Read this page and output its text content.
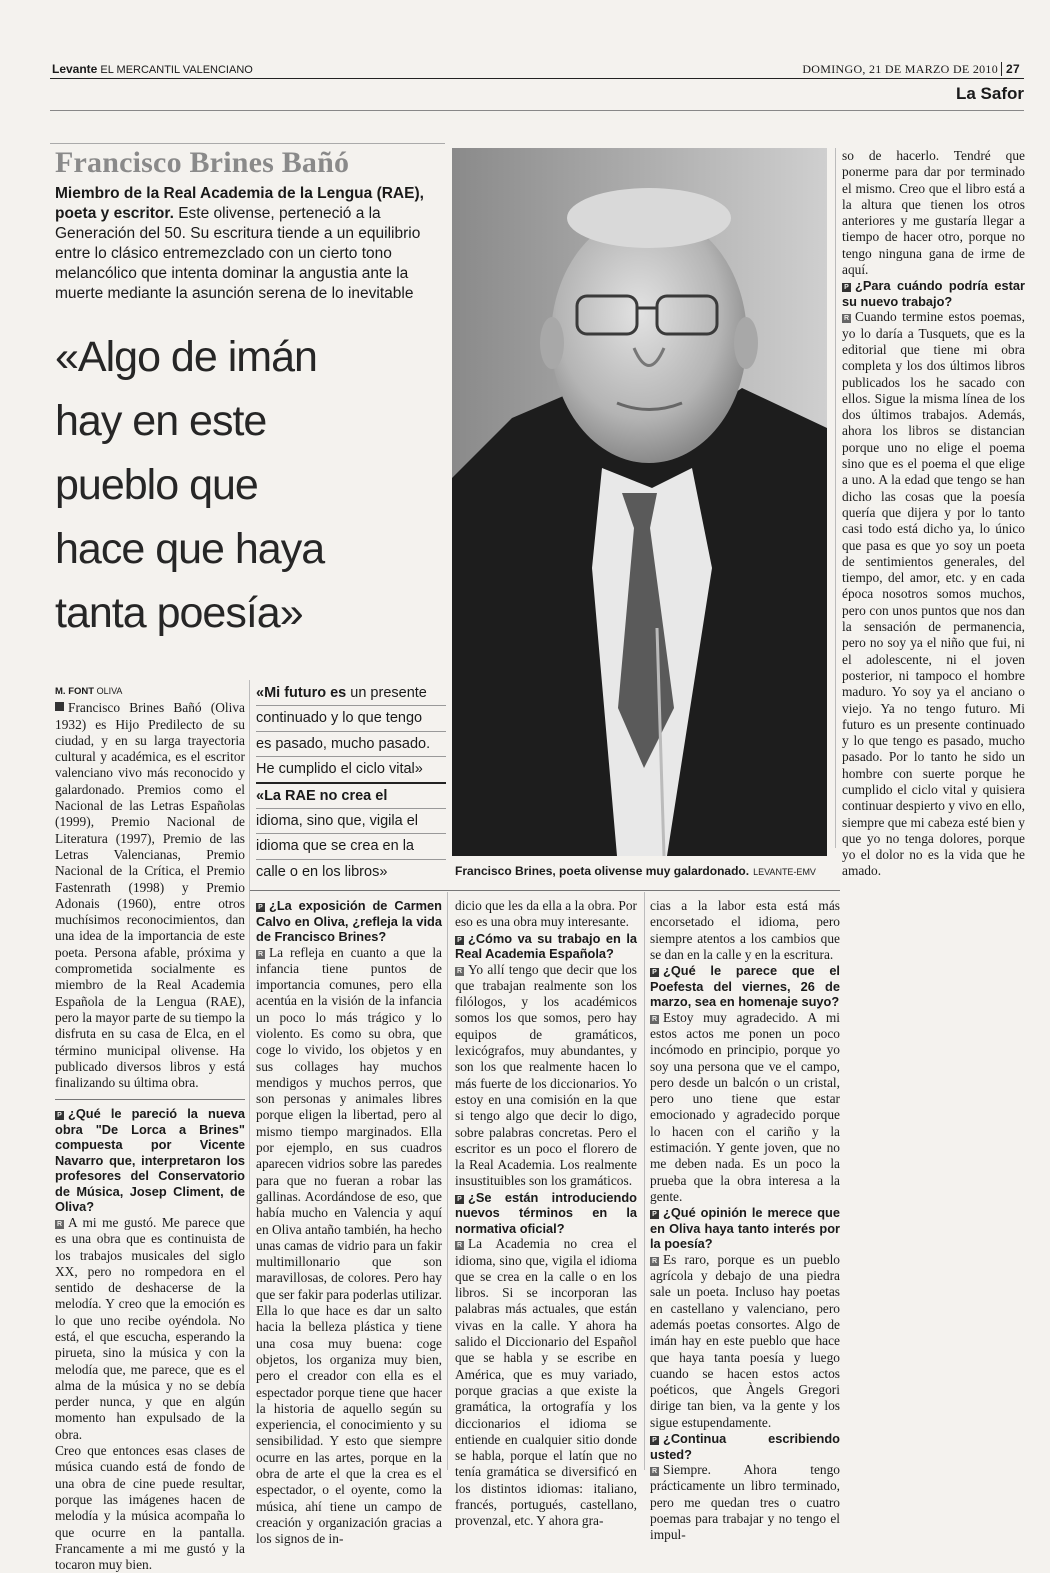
Levante EL MERCANTIL VALENCIANO	DOMINGO, 21 DE MARZO DE 2010 27
La Safor
Francisco Brines Bañó
Miembro de la Real Academia de la Lengua (RAE), poeta y escritor. Este olivense, perteneció a la Generación del 50. Su escritura tiende a un equilibrio entre lo clásico entremezclado con un cierto tono melancólico que intenta dominar la angustia ante la muerte mediante la asunción serena de lo inevitable
«Algo de imán
hay en este
pueblo que
hace que haya
tanta poesía»
Francisco Brines, poeta olivense muy galardonado. LEVANTE-EMV
M. FONT OLIVA

Francisco Brines Bañó (Oliva 1932) es Hijo Predilecto de su ciudad, y en su larga trayectoria cultural y académica, es el escritor valenciano vivo más reconocido y galardonado. Premios como el Nacional de las Letras Españolas (1999), Premio Nacional de Literatura (1997), Premio de las Letras Valencianas, Premio Nacional de la Crítica, el Premio Fastenrath (1998) y Premio Adonais (1960), entre otros muchísimos reconocimientos, dan una idea de la importancia de este poeta. Persona afable, próxima y comprometida socialmente es miembro de la Real Academia Española de la Lengua (RAE), pero la mayor parte de su tiempo la disfruta en su casa de Elca, en el término municipal olivense. Ha publicado diversos libros y está finalizando su última obra.

P ¿Qué le pareció la nueva obra "De Lorca a Brines" compuesta por Vicente Navarro que, interpretaron los profesores del Conservatorio de Música, Josep Climent, de Oliva?

R A mi me gustó. Me parece que es una obra que es continuista de los trabajos musicales del siglo XX, pero no rompedora en el sentido de deshacerse de la melodía. Y creo que la emoción es lo que uno recibe oyéndola. No está, el que escucha, esperando la pirueta, sino la música y con la melodía que, me parece, que es el alma de la música y no se debía perder nunca, y que en algún momento han expulsado de la obra.

Creo que entonces esas clases de música cuando está de fondo de una obra de cine puede resultar, porque las imágenes hacen de melodía y la música acompaña lo que ocurre en la pantalla. Francamente a mi me gustó y la tocaron muy bien.

«Mi futuro es un presente
continuado y lo que tengo
es pasado, mucho pasado.
He cumplido el ciclo vital»
«La RAE no crea el
idioma, sino que, vigila el
idioma que se crea en la
calle o en los libros»

P ¿La exposición de Carmen Calvo en Oliva, ¿refleja la vida de Francisco Brines?

R La refleja en cuanto a que la infancia tiene puntos de importancia comunes, pero ella acentúa en la visión de la infancia un poco lo más trágico y lo violento. Es como su obra, que coge lo vivido, los objetos y en sus collages hay muchos mendigos y muchos perros, que son personas y animales libres porque eligen la libertad, pero al mismo tiempo marginados. Ella por ejemplo, en sus cuadros aparecen vidrios sobre las paredes para que no fueran a robar las gallinas. Acordándose de eso, que había mucho en Valencia y aquí en Oliva antaño también, ha hecho unas camas de vidrio para un fakir multimillonario que son maravillosas, de colores. Pero hay que ser fakir para poderlas utilizar. Ella lo que hace es dar un salto hacia la belleza plástica y tiene una cosa muy buena: coge objetos, los organiza muy bien, pero el creador con ella es el espectador porque tiene que hacer la historia de aquello según su experiencia, el conocimiento y su sensibilidad. Y esto que siempre ocurre en las artes, porque en la obra de arte el que la crea es el espectador, o el oyente, como la música, ahí tiene un campo de creación y organización gracias a los signos de in-

dicio que les da ella a la obra. Por eso es una obra muy interesante.

P ¿Cómo va su trabajo en la Real Academia Española?

R Yo allí tengo que decir que los que trabajan realmente son los filólogos, y los académicos somos los que somos, pero hay equipos de gramáticos, lexicógrafos, muy abundantes, y son los que realmente hacen lo más fuerte de los diccionarios. Yo estoy en una comisión en la que si tengo algo que decir lo digo, sobre palabras concretas. Pero el escritor es un poco el florero de la Real Academia. Los realmente insustituibles son los gramáticos.

P ¿Se están introduciendo nuevos términos en la normativa oficial?

R La Academia no crea el idioma, sino que, vigila el idioma que se crea en la calle o en los libros. Si se incorporan las palabras más actuales, que están vivas en la calle. Y ahora ha salido el Diccionario del Español que se habla y se escribe en América, que es muy variado, porque gracias a que existe la gramática, la ortografía y los diccionarios el idioma se entiende en cualquier sitio donde se habla, porque el latín que no tenía gramática se diversificó en los distintos idiomas: italiano, francés, portugués, castellano, provenzal, etc. Y ahora gra-

so de hacerlo. Tendré que ponerme para dar por terminado el mismo. Creo que el libro está a la altura que tienen los otros anteriores y me gustaría llegar a tiempo de hacer otro, porque no tengo ninguna gana de irme de aquí.

P ¿Para cuándo podría estar su nuevo trabajo?

R Cuando termine estos poemas, yo lo daría a Tusquets, que es la editorial que tiene mi obra completa y los dos últimos libros publicados los he sacado con ellos. Sigue la misma línea de los dos últimos trabajos. Además, ahora los libros se distancian porque uno no elige el poema sino que es el poema el que elige a uno. A la edad que tengo se han dicho las cosas que la poesía quería que dijera y por lo tanto casi todo está dicho ya, lo único que pasa es que yo soy un poeta de sentimientos generales, del tiempo, del amor, etc. y en cada época nosotros somos muchos, pero con unos puntos que nos dan la sensación de permanencia, pero no soy ya el niño que fui, ni el adolescente, ni el joven posterior, ni tampoco el hombre maduro. Yo soy ya el anciano o viejo. Ya no tengo futuro. Mi futuro es un presente continuado y lo que tengo es pasado, mucho pasado. Por lo tanto he sido un hombre con suerte porque he cumplido el ciclo vital y quisiera continuar despierto y vivo en ello, siempre que mi cabeza esté bien y que yo no tenga dolores, porque yo el dolor no es la vida que he amado.

cias a la labor esta está más encorsetado el idioma, pero siempre atentos a los cambios que se dan en la calle y en la escritura.

P ¿Qué le parece que el Poefesta del viernes, 26 de marzo, sea en homenaje suyo?

R Estoy muy agradecido. A mi estos actos me ponen un poco incómodo en principio, porque yo soy una persona que ve el campo, pero desde un balcón o un cristal, pero uno tiene que estar emocionado y agradecido porque lo hacen con el cariño y la estimación. Y gente joven, que no me deben nada. Es un poco la prueba que la obra interesa a la gente.

P ¿Qué opinión le merece que en Oliva haya tanto interés por la poesía?

R Es raro, porque es un pueblo agrícola y debajo de una piedra sale un poeta. Incluso hay poetas en castellano y valenciano, pero además poetas consortes. Algo de imán hay en este pueblo que hace que haya tanta poesía y luego cuando se hacen estos actos poéticos, que Àngels Gregori dirige tan bien, va la gente y los sigue estupendamente.

P ¿Continua escribiendo usted?

R Siempre. Ahora tengo prácticamente un libro terminado, pero me quedan tres o cuatro poemas para trabajar y no tengo el impul-
